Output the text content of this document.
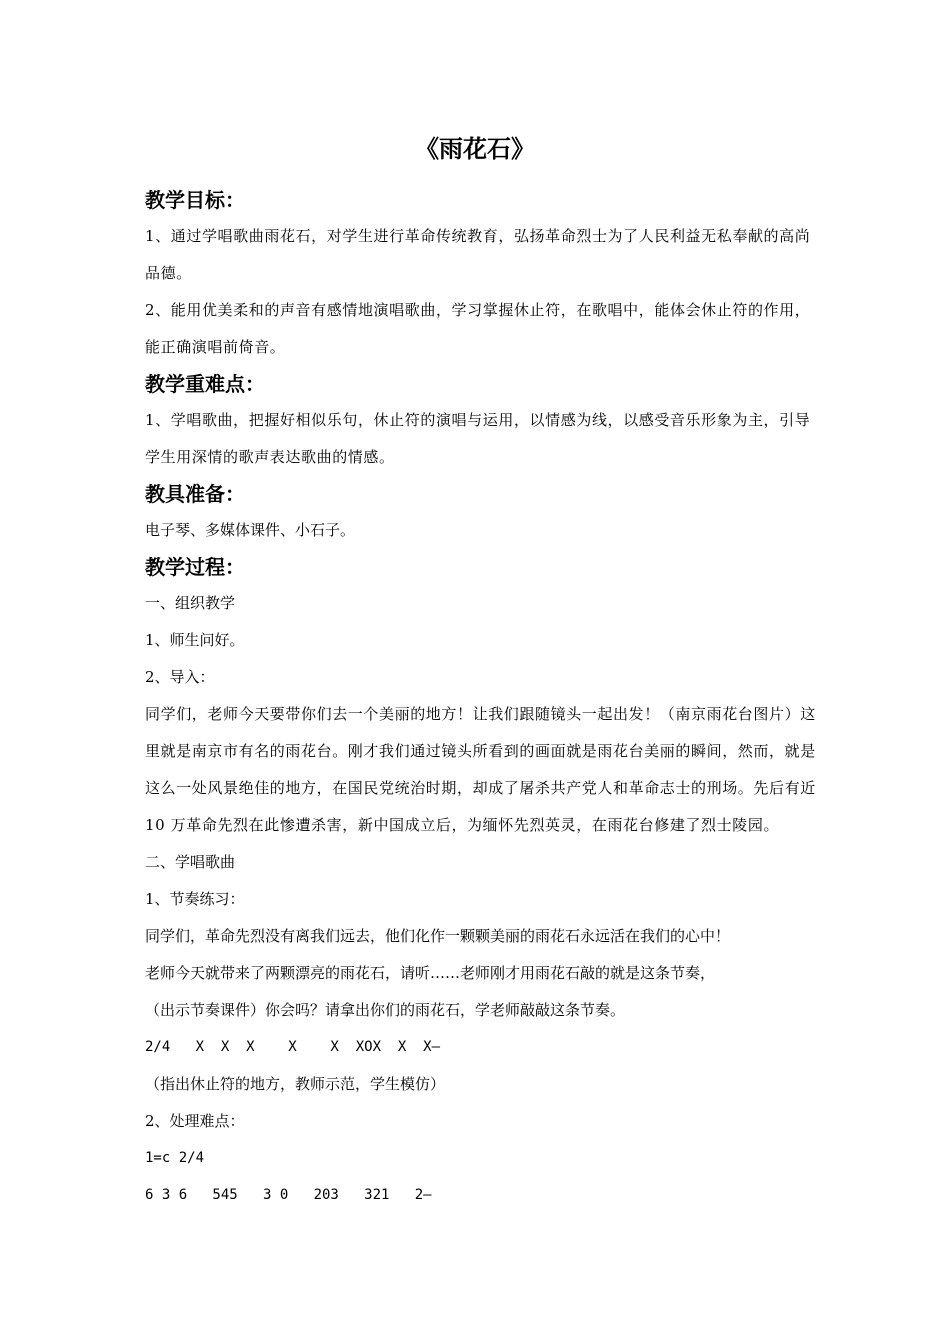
《雨花石》
教学目标：
1、通过学唱歌曲雨花石，对学生进行革命传统教育，弘扬革命烈士为了人民利益无私奉献的高尚品德。
2、能用优美柔和的声音有感情地演唱歌曲，学习掌握休止符，在歌唱中，能体会休止符的作用，能正确演唱前倚音。
教学重难点：
1、学唱歌曲，把握好相似乐句，休止符的演唱与运用，以情感为线，以感受音乐形象为主，引导学生用深情的歌声表达歌曲的情感。
教具准备：
电子琴、多媒体课件、小石子。
教学过程：
一、组织教学
1、师生问好。
2、导入：
同学们，老师今天要带你们去一个美丽的地方！让我们跟随镜头一起出发！（南京雨花台图片）这里就是南京市有名的雨花台。刚才我们通过镜头所看到的画面就是雨花台美丽的瞬间，然而，就是这么一处风景绝佳的地方，在国民党统治时期，却成了屠杀共产党人和革命志士的刑场。先后有近 10 万革命先烈在此惨遭杀害，新中国成立后，为缅怀先烈英灵，在雨花台修建了烈士陵园。
二、学唱歌曲
1、节奏练习：
同学们，革命先烈没有离我们远去，他们化作一颗颗美丽的雨花石永远活在我们的心中！
老师今天就带来了两颗漂亮的雨花石，请听……老师刚才用雨花石敲的就是这条节奏，
（出示节奏课件）你会吗？请拿出你们的雨花石，学老师敲敲这条节奏。
2/4   X  X  X    X    X  XOX  X  X—
（指出休止符的地方，教师示范，学生模仿）
2、处理难点：
1=c 2/4
6 3 6   545   3 0   203   321   2—
